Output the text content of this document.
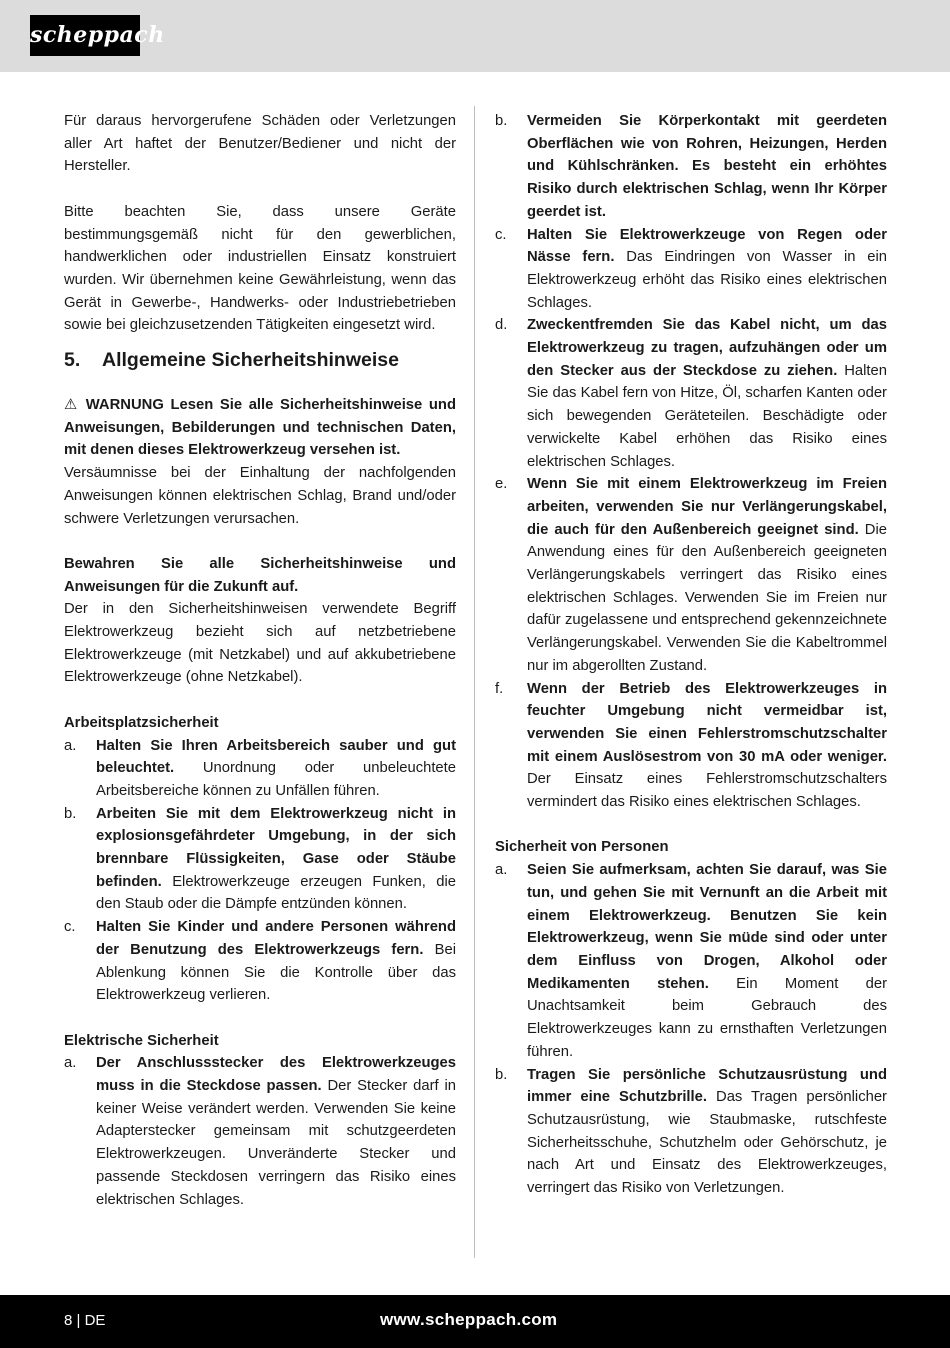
scheppach

Für daraus hervorgerufene Schäden oder Verletzungen aller Art haftet der Benutzer/Bediener und nicht der Hersteller.

Bitte beachten Sie, dass unsere Geräte bestimmungsgemäß nicht für den gewerblichen, handwerklichen oder industriellen Einsatz konstruiert wurden. Wir übernehmen keine Gewährleistung, wenn das Gerät in Gewerbe-, Handwerks- oder Industriebetrieben sowie bei gleichzusetzenden Tätigkeiten eingesetzt wird.

5.	Allgemeine Sicherheitshinweise

⚠ WARNUNG Lesen Sie alle Sicherheitshinweise und Anweisungen, Bebilderungen und technischen Daten, mit denen dieses Elektrowerkzeug versehen ist.

Versäumnisse bei der Einhaltung der nachfolgenden Anweisungen können elektrischen Schlag, Brand und/oder schwere Verletzungen verursachen.

Bewahren Sie alle Sicherheitshinweise und Anweisungen für die Zukunft auf.

Der in den Sicherheitshinweisen verwendete Begriff Elektrowerkzeug bezieht sich auf netzbetriebene Elektrowerkzeuge (mit Netzkabel) und auf akkubetriebene Elektrowerkzeuge (ohne Netzkabel).

Arbeitsplatzsicherheit
a.	Halten Sie Ihren Arbeitsbereich sauber und gut beleuchtet. Unordnung oder unbeleuchtete Arbeitsbereiche können zu Unfällen führen.
b.	Arbeiten Sie mit dem Elektrowerkzeug nicht in explosionsgefährdeter Umgebung, in der sich brennbare Flüssigkeiten, Gase oder Stäube befinden. Elektrowerkzeuge erzeugen Funken, die den Staub oder die Dämpfe entzünden können.
c.	Halten Sie Kinder und andere Personen während der Benutzung des Elektrowerkzeugs fern. Bei Ablenkung können Sie die Kontrolle über das Elektrowerkzeug verlieren.
Elektrische Sicherheit
a.	Der Anschlussstecker des Elektrowerkzeuges muss in die Steckdose passen. Der Stecker darf in keiner Weise verändert werden. Verwenden Sie keine Adapterstecker gemeinsam mit schutzgeerdeten Elektrowerkzeugen. Unveränderte Stecker und passende Steckdosen verringern das Risiko eines elektrischen Schlages.
b.	Vermeiden Sie Körperkontakt mit geerdeten Oberflächen wie von Rohren, Heizungen, Herden und Kühlschränken. Es besteht ein erhöhtes Risiko durch elektrischen Schlag, wenn Ihr Körper geerdet ist.
c.	Halten Sie Elektrowerkzeuge von Regen oder Nässe fern. Das Eindringen von Wasser in ein Elektrowerkzeug erhöht das Risiko eines elektrischen Schlages.
d.	Zweckentfremden Sie das Kabel nicht, um das Elektrowerkzeug zu tragen, aufzuhängen oder um den Stecker aus der Steckdose zu ziehen. Halten Sie das Kabel fern von Hitze, Öl, scharfen Kanten oder sich bewegenden Geräteteilen. Beschädigte oder verwickelte Kabel erhöhen das Risiko eines elektrischen Schlages.
e.	Wenn Sie mit einem Elektrowerkzeug im Freien arbeiten, verwenden Sie nur Verlängerungskabel, die auch für den Außenbereich geeignet sind. Die Anwendung eines für den Außenbereich geeigneten Verlängerungskabels verringert das Risiko eines elektrischen Schlages. Verwenden Sie im Freien nur dafür zugelassene und entsprechend gekennzeichnete Verlängerungskabel. Verwenden Sie die Kabeltrommel nur im abgerollten Zustand.
f.	Wenn der Betrieb des Elektrowerkzeuges in feuchter Umgebung nicht vermeidbar ist, verwenden Sie einen Fehlerstromschutzschalter mit einem Auslösestrom von 30 mA oder weniger. Der Einsatz eines Fehlerstromschutzschalters vermindert das Risiko eines elektrischen Schlages.
Sicherheit von Personen
a.	Seien Sie aufmerksam, achten Sie darauf, was Sie tun, und gehen Sie mit Vernunft an die Arbeit mit einem Elektrowerkzeug. Benutzen Sie kein Elektrowerkzeug, wenn Sie müde sind oder unter dem Einfluss von Drogen, Alkohol oder Medikamenten stehen. Ein Moment der Unachtsamkeit beim Gebrauch des Elektrowerkzeuges kann zu ernsthaften Verletzungen führen.
b.	Tragen Sie persönliche Schutzausrüstung und immer eine Schutzbrille. Das Tragen persönlicher Schutzausrüstung, wie Staubmaske, rutschfeste Sicherheitsschuhe, Schutzhelm oder Gehörschutz, je nach Art und Einsatz des Elektrowerkzeuges, verringert das Risiko von Verletzungen.
8 | DE	www.scheppach.com
